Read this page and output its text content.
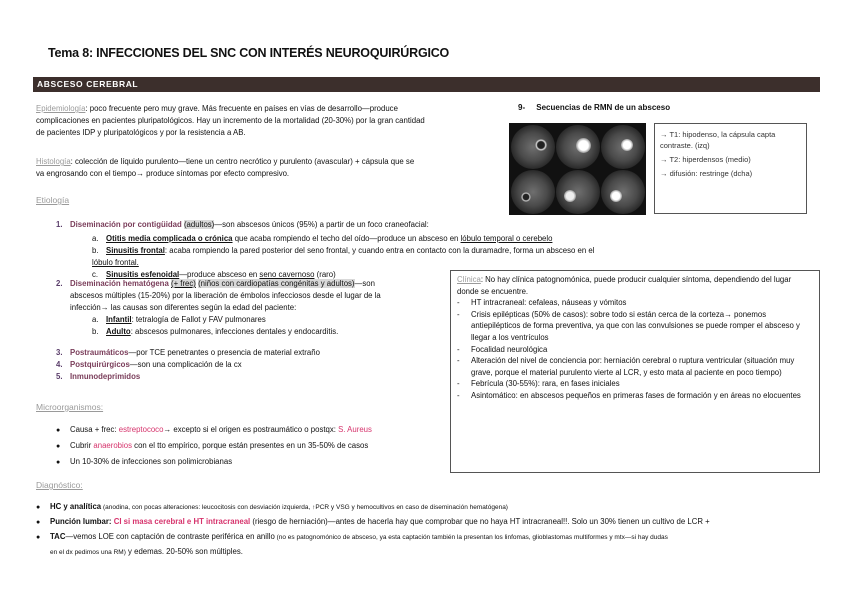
Tema 8: INFECCIONES DEL SNC CON INTERÉS NEUROQUIRÚRGICO
ABSCESO CEREBRAL
Epidemiología: poco frecuente pero muy grave. Más frecuente en países en vías de desarrollo—produce
complicaciones en pacientes pluripatológicos. Hay un incremento de la mortalidad (20-30%) por la gran cantidad
de pacientes IDP y pluripatológicos y por la resistencia a AB.
Histología: colección de líquido purulento—tiene un centro necrótico y purulento (avascular) + cápsula que se
va engrosando con el tiempo→ produce síntomas por efecto compresivo.
Etiología
1. Diseminación por contigüidad (adultos)—son abscesos únicos (95%) a partir de un foco craneofacial:
a. Otitis media complicada o crónica que acaba rompiendo el techo del oído—produce un absceso en lóbulo temporal o cerebelo
b. Sinusitis frontal: acaba rompiendo la pared posterior del seno frontal, y cuando entra en contacto con la duramadre, forma un absceso en el lóbulo frontal.
c. Sinusitis esfenoidal—produce absceso en seno cavernoso (raro)
2. Diseminación hematógena (+ frec) (niños con cardiopatías congénitas y adultos)—son
abscesos múltiples (15-20%) por la liberación de émbolos infecciosos desde el lugar de la
infección→ las causas son diferentes según la edad del paciente:
a. Infantil: tetralogía de Fallot y FAV pulmonares
b. Adulto: abscesos pulmonares, infecciones dentales y endocarditis.
3. Postraumáticos—por TCE penetrantes o presencia de material extraño
4. Postquirúrgicos—son una complicación de la cx
5. Inmunodeprimidos
Microorganismos:
● Causa + frec: estreptococo→ excepto si el origen es postraumático o postqx: S. Aureus
● Cubrir anaerobios con el tto empírico, porque están presentes en un 35-50% de casos
● Un 10-30% de infecciones son polimicrobianas
9- Secuencias de RMN de un absceso
→ T1: hipodenso, la cápsula capta contraste. (izq)
→ T2: hiperdensos (medio)
→ difusión: restringe (dcha)
Clínica: No hay clínica patognomónica, puede producir cualquier síntoma, dependiendo del lugar donde se encuentre.
- HT intracraneal: cefaleas, náuseas y vómitos
-	Crisis epilépticas (50% de casos): sobre todo si están cerca de la corteza→ ponemos antiepilépticos de forma preventiva, ya que con las convulsiones se puede romper el absceso y llegar a los ventrículos
- Focalidad neurológica
-	Alteración del nivel de conciencia por: herniación cerebral o ruptura ventricular (situación muy grave, porque el material purulento vierte al LCR, y esto mata al paciente en poco tiempo)
- Febrícula (30-55%): rara, en fases iniciales
-	Asintomático: en abscesos pequeños en primeras fases de formación y en áreas no elocuentes
Diagnóstico:
● HC y analítica (anodina, con pocas alteraciones: leucocitosis con desviación izquierda, ↑PCR y VSG y hemocultivos en caso de diseminación hematógena)
● Punción lumbar: CI si masa cerebral e HT intracraneal (riesgo de herniación)—antes de hacerla hay que comprobar que no haya HT intracraneal!!. Solo un 30% tienen un cultivo de LCR +
● TAC—vemos LOE con captación de contraste periférica en anillo (no es patognomónico de absceso, ya esta captación también la presentan los linfomas, glioblastomas multiformes y mtx—si hay dudas
en el dx pedimos una RM) y edemas. 20-50% son múltiples.
